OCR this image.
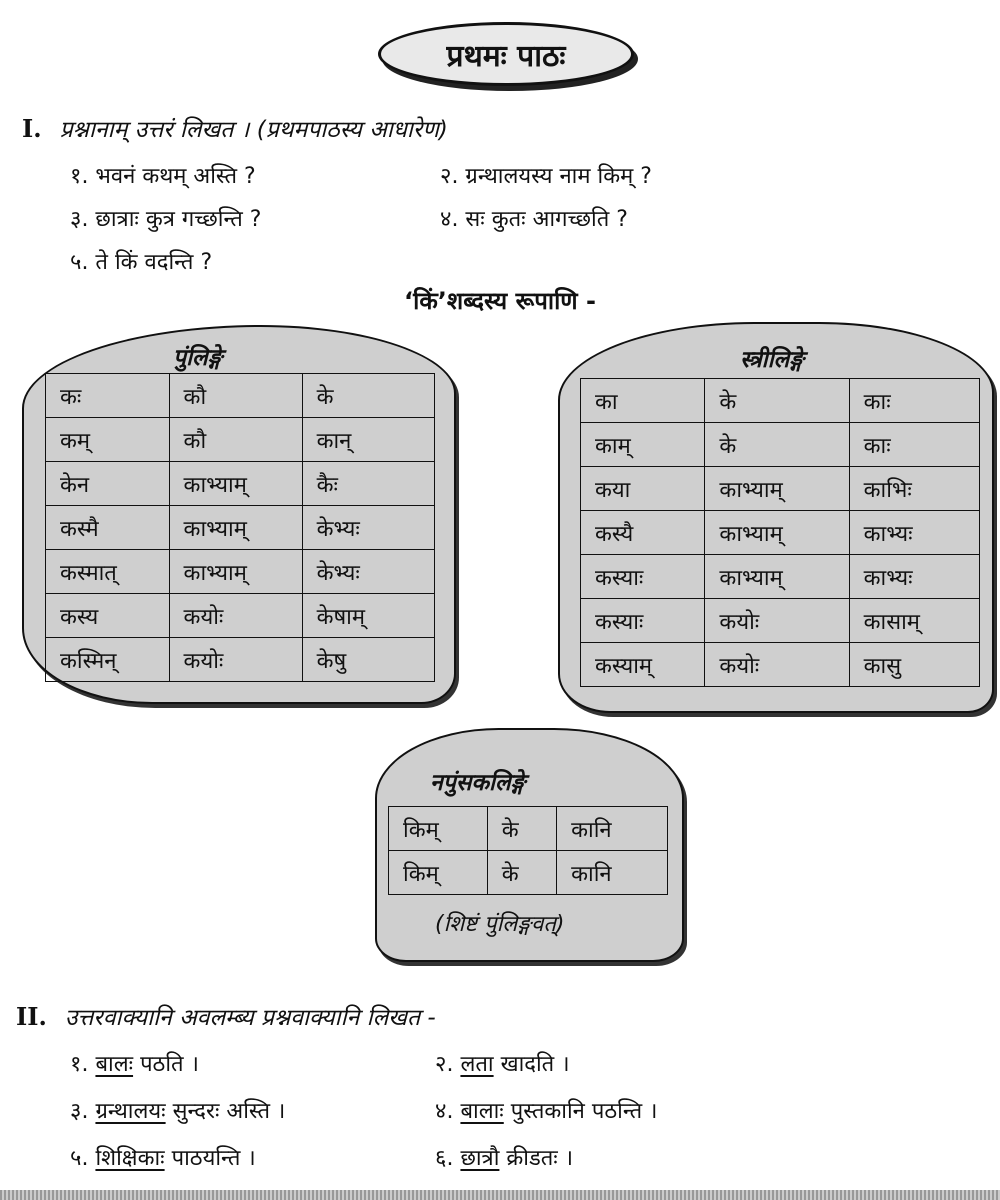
प्रथमः पाठः
I. प्रश्नानाम् उत्तरं लिखत । (प्रथमपाठस्य आधारेण)
१. भवनं कथम् अस्ति ?	२. ग्रन्थालयस्य नाम किम् ?
३. छात्राः कुत्र गच्छन्ति ?	४. सः कुतः आगच्छति ?
५. ते किं वदन्ति ?
‘किं’शब्दस्य रूपाणि -
पुंलिङ्गे
कः	कौ	के
कम्	कौ	कान्
केन	काभ्याम्	कैः
कस्मै	काभ्याम्	केभ्यः
कस्मात्	काभ्याम्	केभ्यः
कस्य	कयोः	केषाम्
कस्मिन्	कयोः	केषु
स्त्रीलिङ्गे
का	के	काः
काम्	के	काः
कया	काभ्याम्	काभिः
कस्यै	काभ्याम्	काभ्यः
कस्याः	काभ्याम्	काभ्यः
कस्याः	कयोः	कासाम्
कस्याम्	कयोः	कासु
नपुंसकलिङ्गे
किम्	के	कानि
किम्	के	कानि
(शिष्टं पुंलिङ्गवत्)
II. उत्तरवाक्यानि अवलम्ब्य प्रश्नवाक्यानि लिखत -
१. बालः पठति ।	२. लता खादति ।
३. ग्रन्थालयः सुन्दरः अस्ति ।	४. बालाः पुस्तकानि पठन्ति ।
५. शिक्षिकाः पाठयन्ति ।	६. छात्रौ क्रीडतः ।
